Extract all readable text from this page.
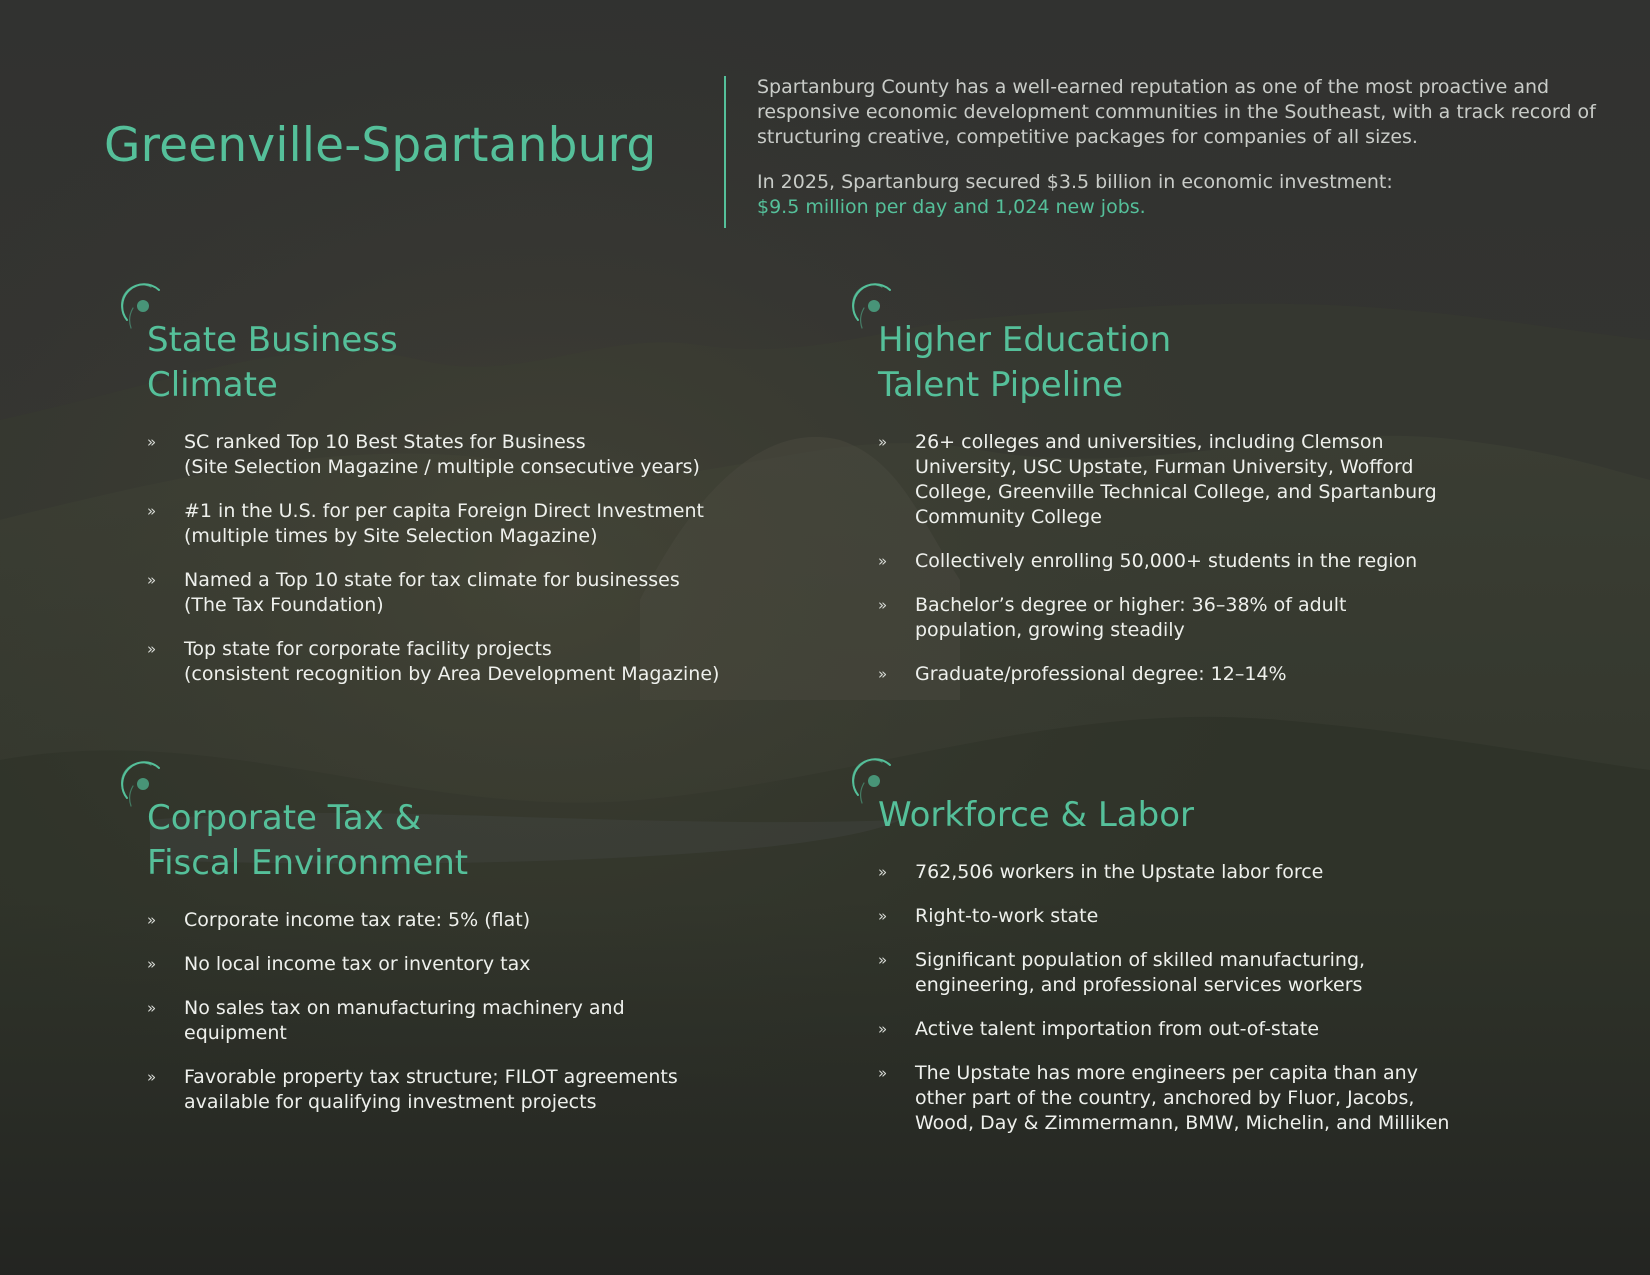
Greenville-Spartanburg

Spartanburg County has a well-earned reputation as one of the most proactive and responsive economic development communities in the Southeast, with a track record of structuring creative, competitive packages for companies of all sizes.

In 2025, Spartanburg secured $3.5 billion in economic investment:
$9.5 million per day and 1,024 new jobs.

State Business
Climate
» SC ranked Top 10 Best States for Business
(Site Selection Magazine / multiple consecutive years)
» #1 in the U.S. for per capita Foreign Direct Investment
(multiple times by Site Selection Magazine)
» Named a Top 10 state for tax climate for businesses
(The Tax Foundation)
» Top state for corporate facility projects
(consistent recognition by Area Development Magazine)
Higher Education
Talent Pipeline
» 26+ colleges and universities, including Clemson
University, USC Upstate, Furman University, Wofford
College, Greenville Technical College, and Spartanburg
Community College
» Collectively enrolling 50,000+ students in the region
» Bachelor’s degree or higher: 36–38% of adult
population, growing steadily
» Graduate/professional degree: 12–14%
Corporate Tax &
Fiscal Environment
» Corporate income tax rate: 5% (flat)
» No local income tax or inventory tax
» No sales tax on manufacturing machinery and
equipment
» Favorable property tax structure; FILOT agreements
available for qualifying investment projects
Workforce & Labor
» 762,506 workers in the Upstate labor force
» Right-to-work state
» Significant population of skilled manufacturing,
engineering, and professional services workers
» Active talent importation from out-of-state
» The Upstate has more engineers per capita than any
other part of the country, anchored by Fluor, Jacobs,
Wood, Day & Zimmermann, BMW, Michelin, and Milliken
